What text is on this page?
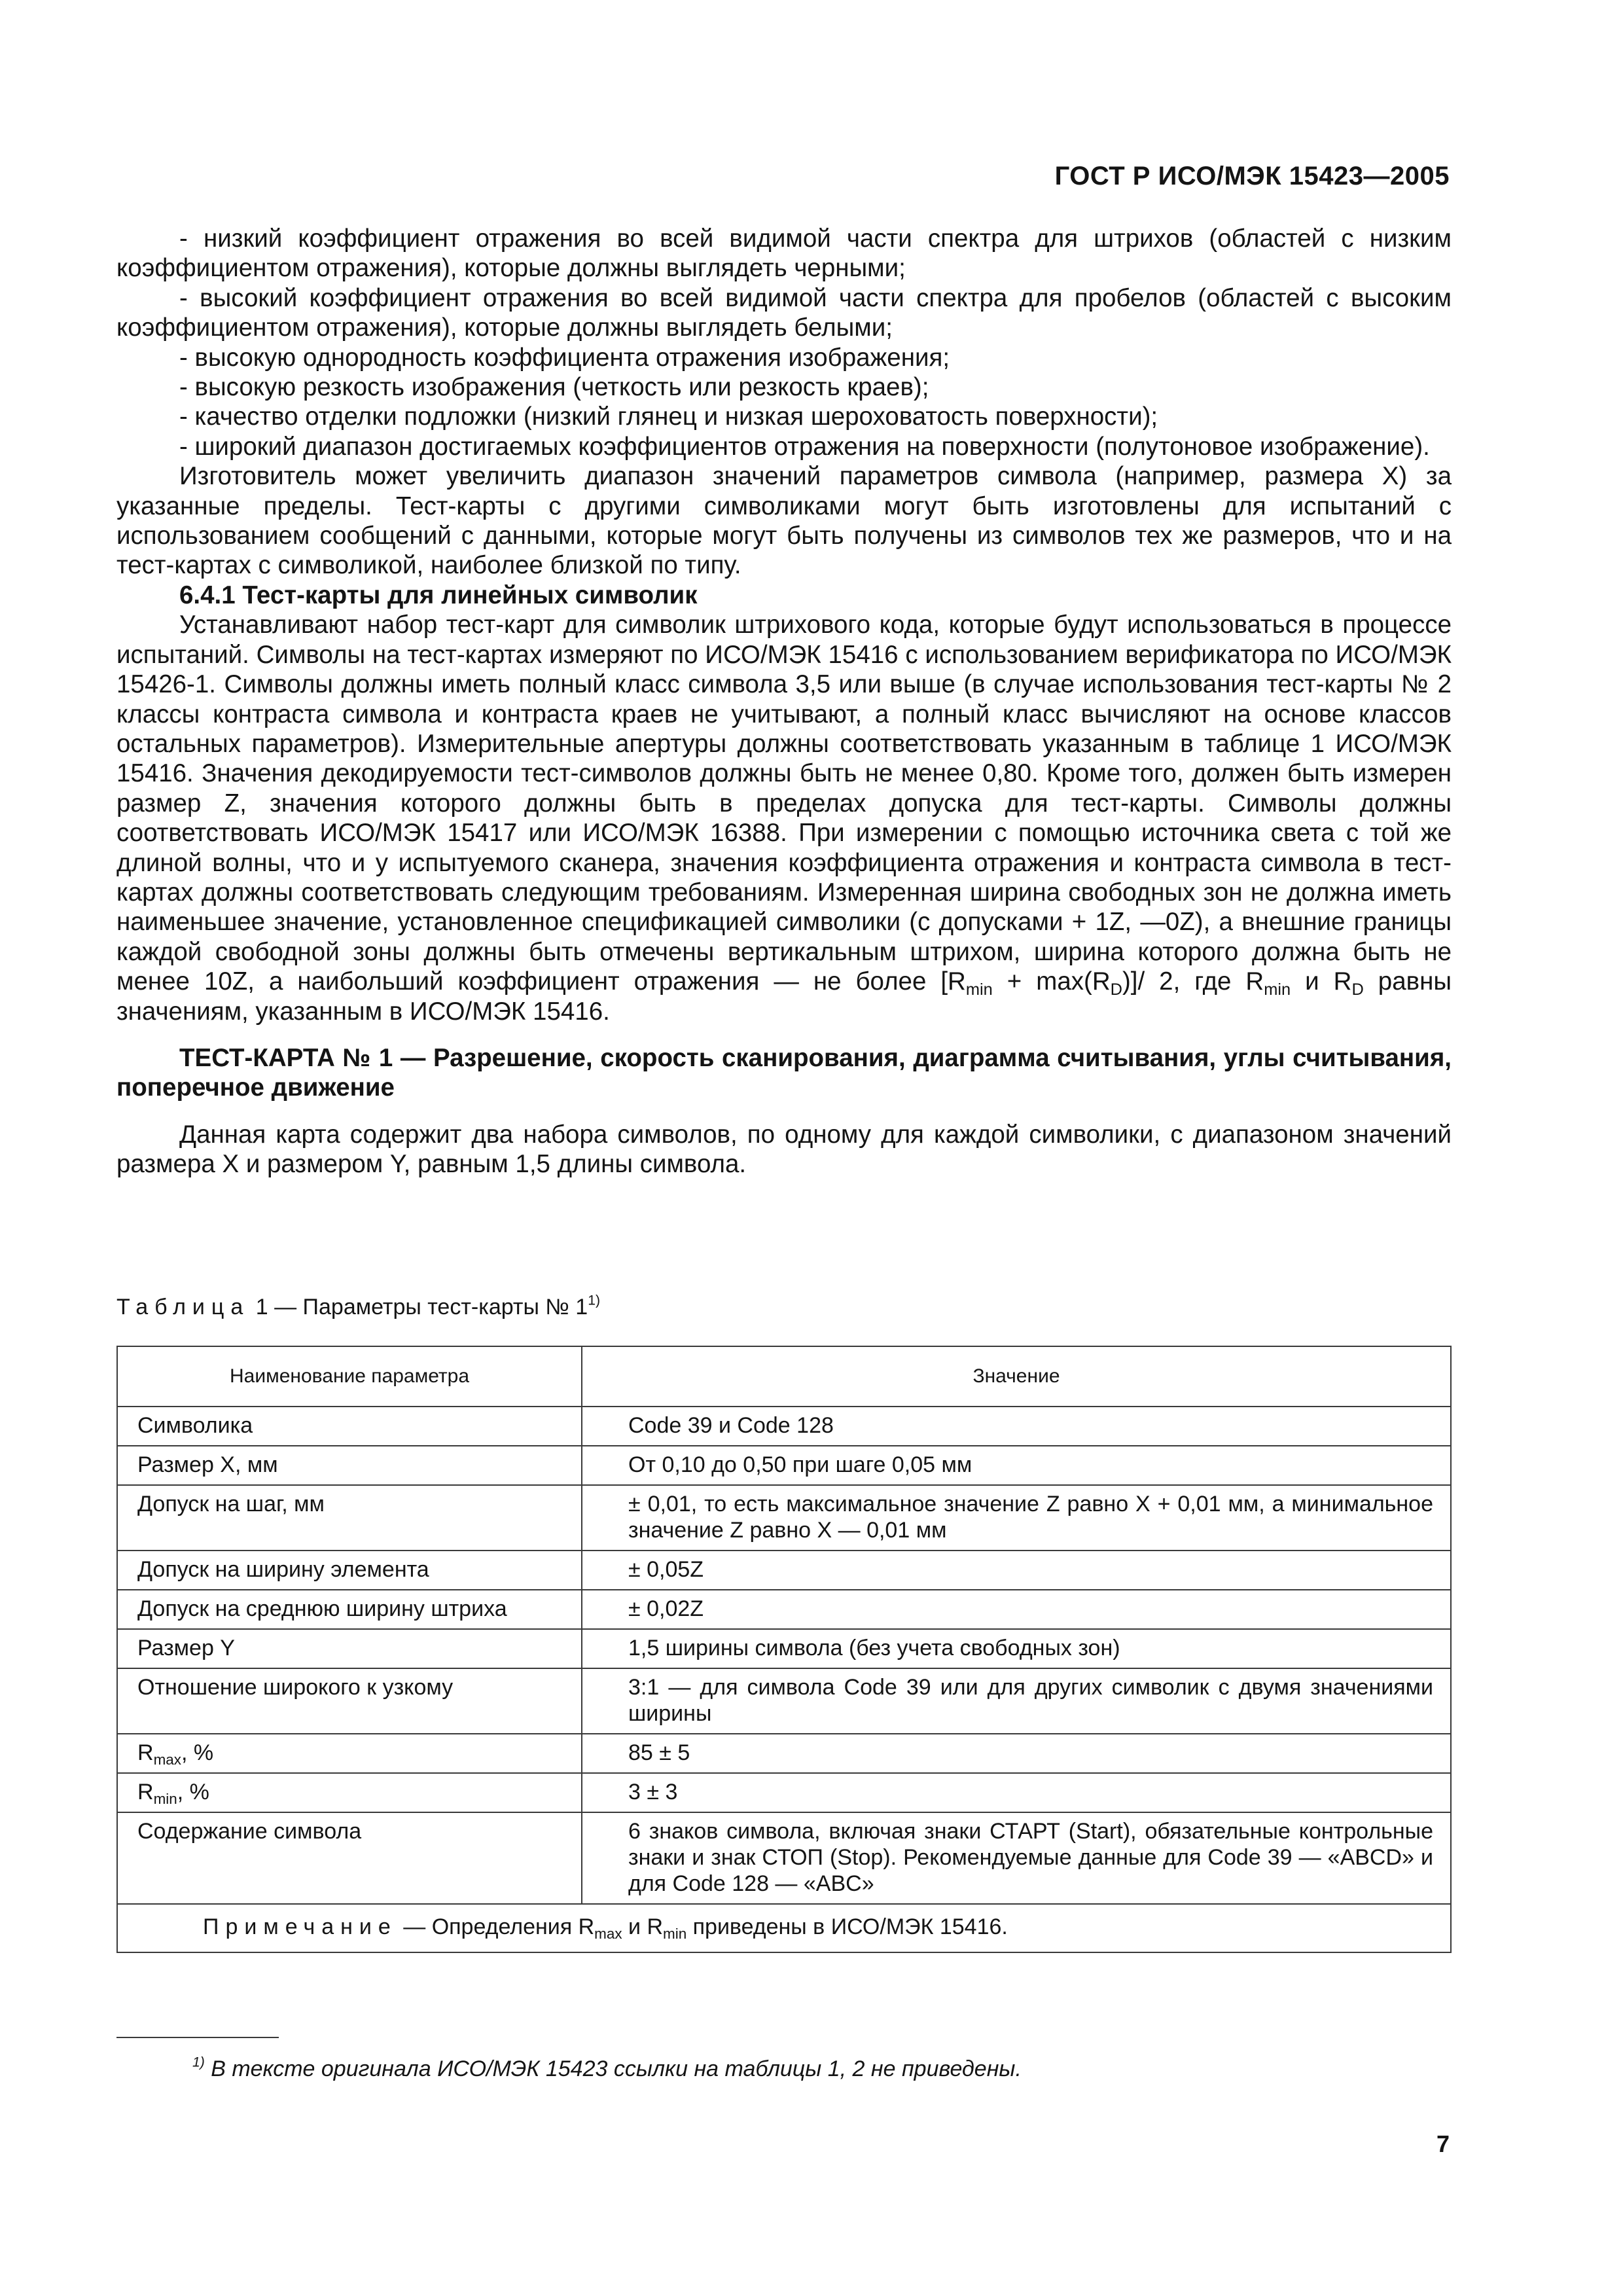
ГОСТ Р ИСО/МЭК 15423—2005

- низкий коэффициент отражения во всей видимой части спектра для штрихов (областей с низким коэффициентом отражения), которые должны выглядеть черными;

- высокий коэффициент отражения во всей видимой части спектра для пробелов (областей с высоким коэффициентом отражения), которые должны выглядеть белыми;

- высокую однородность коэффициента отражения изображения;

- высокую резкость изображения (четкость или резкость краев);

- качество отделки подложки (низкий глянец и низкая шероховатость поверхности);

- широкий диапазон достигаемых коэффициентов отражения на поверхности (полутоновое изображение).

Изготовитель может увеличить диапазон значений параметров символа (например, размера X) за указанные пределы. Тест-карты с другими символиками могут быть изготовлены для испытаний с использованием сообщений с данными, которые могут быть получены из символов тех же размеров, что и на тест-картах с символикой, наиболее близкой по типу.

6.4.1 Тест-карты для линейных символик

Устанавливают набор тест-карт для символик штрихового кода, которые будут использоваться в процессе испытаний. Символы на тест-картах измеряют по ИСО/МЭК 15416 с использованием верификатора по ИСО/МЭК 15426-1. Символы должны иметь полный класс символа 3,5 или выше (в случае использования тест-карты № 2 классы контраста символа и контраста краев не учитывают, а полный класс вычисляют на основе классов остальных параметров). Измерительные апертуры должны соответствовать указанным в таблице 1 ИСО/МЭК 15416. Значения декодируемости тест-символов должны быть не менее 0,80. Кроме того, должен быть измерен размер Z, значения которого должны быть в пределах допуска для тест-карты. Символы должны соответствовать ИСО/МЭК 15417 или ИСО/МЭК 16388. При измерении с помощью источника света с той же длиной волны, что и у испытуемого сканера, значения коэффициента отражения и контраста символа в тест-картах должны соответствовать следующим требованиям. Измеренная ширина свободных зон не должна иметь наименьшее значение, установленное спецификацией символики (с допусками + 1Z, —0Z), а внешние границы каждой свободной зоны должны быть отмечены вертикальным штрихом, ширина которого должна быть не менее 10Z, а наибольший коэффициент отражения — не более $[R_{min} + \max(R_D)]/$ 2, где $R_{min}$ и $R_D$ равны значениям, указанным в ИСО/МЭК 15416.

ТЕСТ-КАРТА № 1 — Разрешение, скорость сканирования, диаграмма считывания, углы считывания, поперечное движение

Данная карта содержит два набора символов, по одному для каждой символики, с диапазоном значений размера X и размером Y, равным 1,5 длины символа.

Таблица 1 — Параметры тест-карты № 1$^{1)}$
Наименование параметра	Значение
Символика	Code 39 и Code 128
Размер X, мм	От 0,10 до 0,50 при шаге 0,05 мм
Допуск на шаг, мм	± 0,01, то есть максимальное значение Z равно X + 0,01 мм, а минимальное значение Z равно X — 0,01 мм
Допуск на ширину элемента	± 0,05Z
Допуск на среднюю ширину штриха	± 0,02Z
Размер Y	1,5 ширины символа (без учета свободных зон)
Отношение широкого к узкому	3:1 — для символа Code 39 или для других символик с двумя значениями ширины
$R_{max}$, %	85 ± 5
$R_{min}$, %	3 ± 3
Содержание символа	6 знаков символа, включая знаки СТАРТ (Start), обязательные контрольные знаки и знак СТОП (Stop). Рекомендуемые данные для Code 39 — «ABCD» и для Code 128 — «ABC»
Примечание — Определения $R_{max}$ и $R_{min}$ приведены в ИСО/МЭК 15416.	
$^{1)}$ В тексте оригинала ИСО/МЭК 15423 ссылки на таблицы 1, 2 не приведены.
7
